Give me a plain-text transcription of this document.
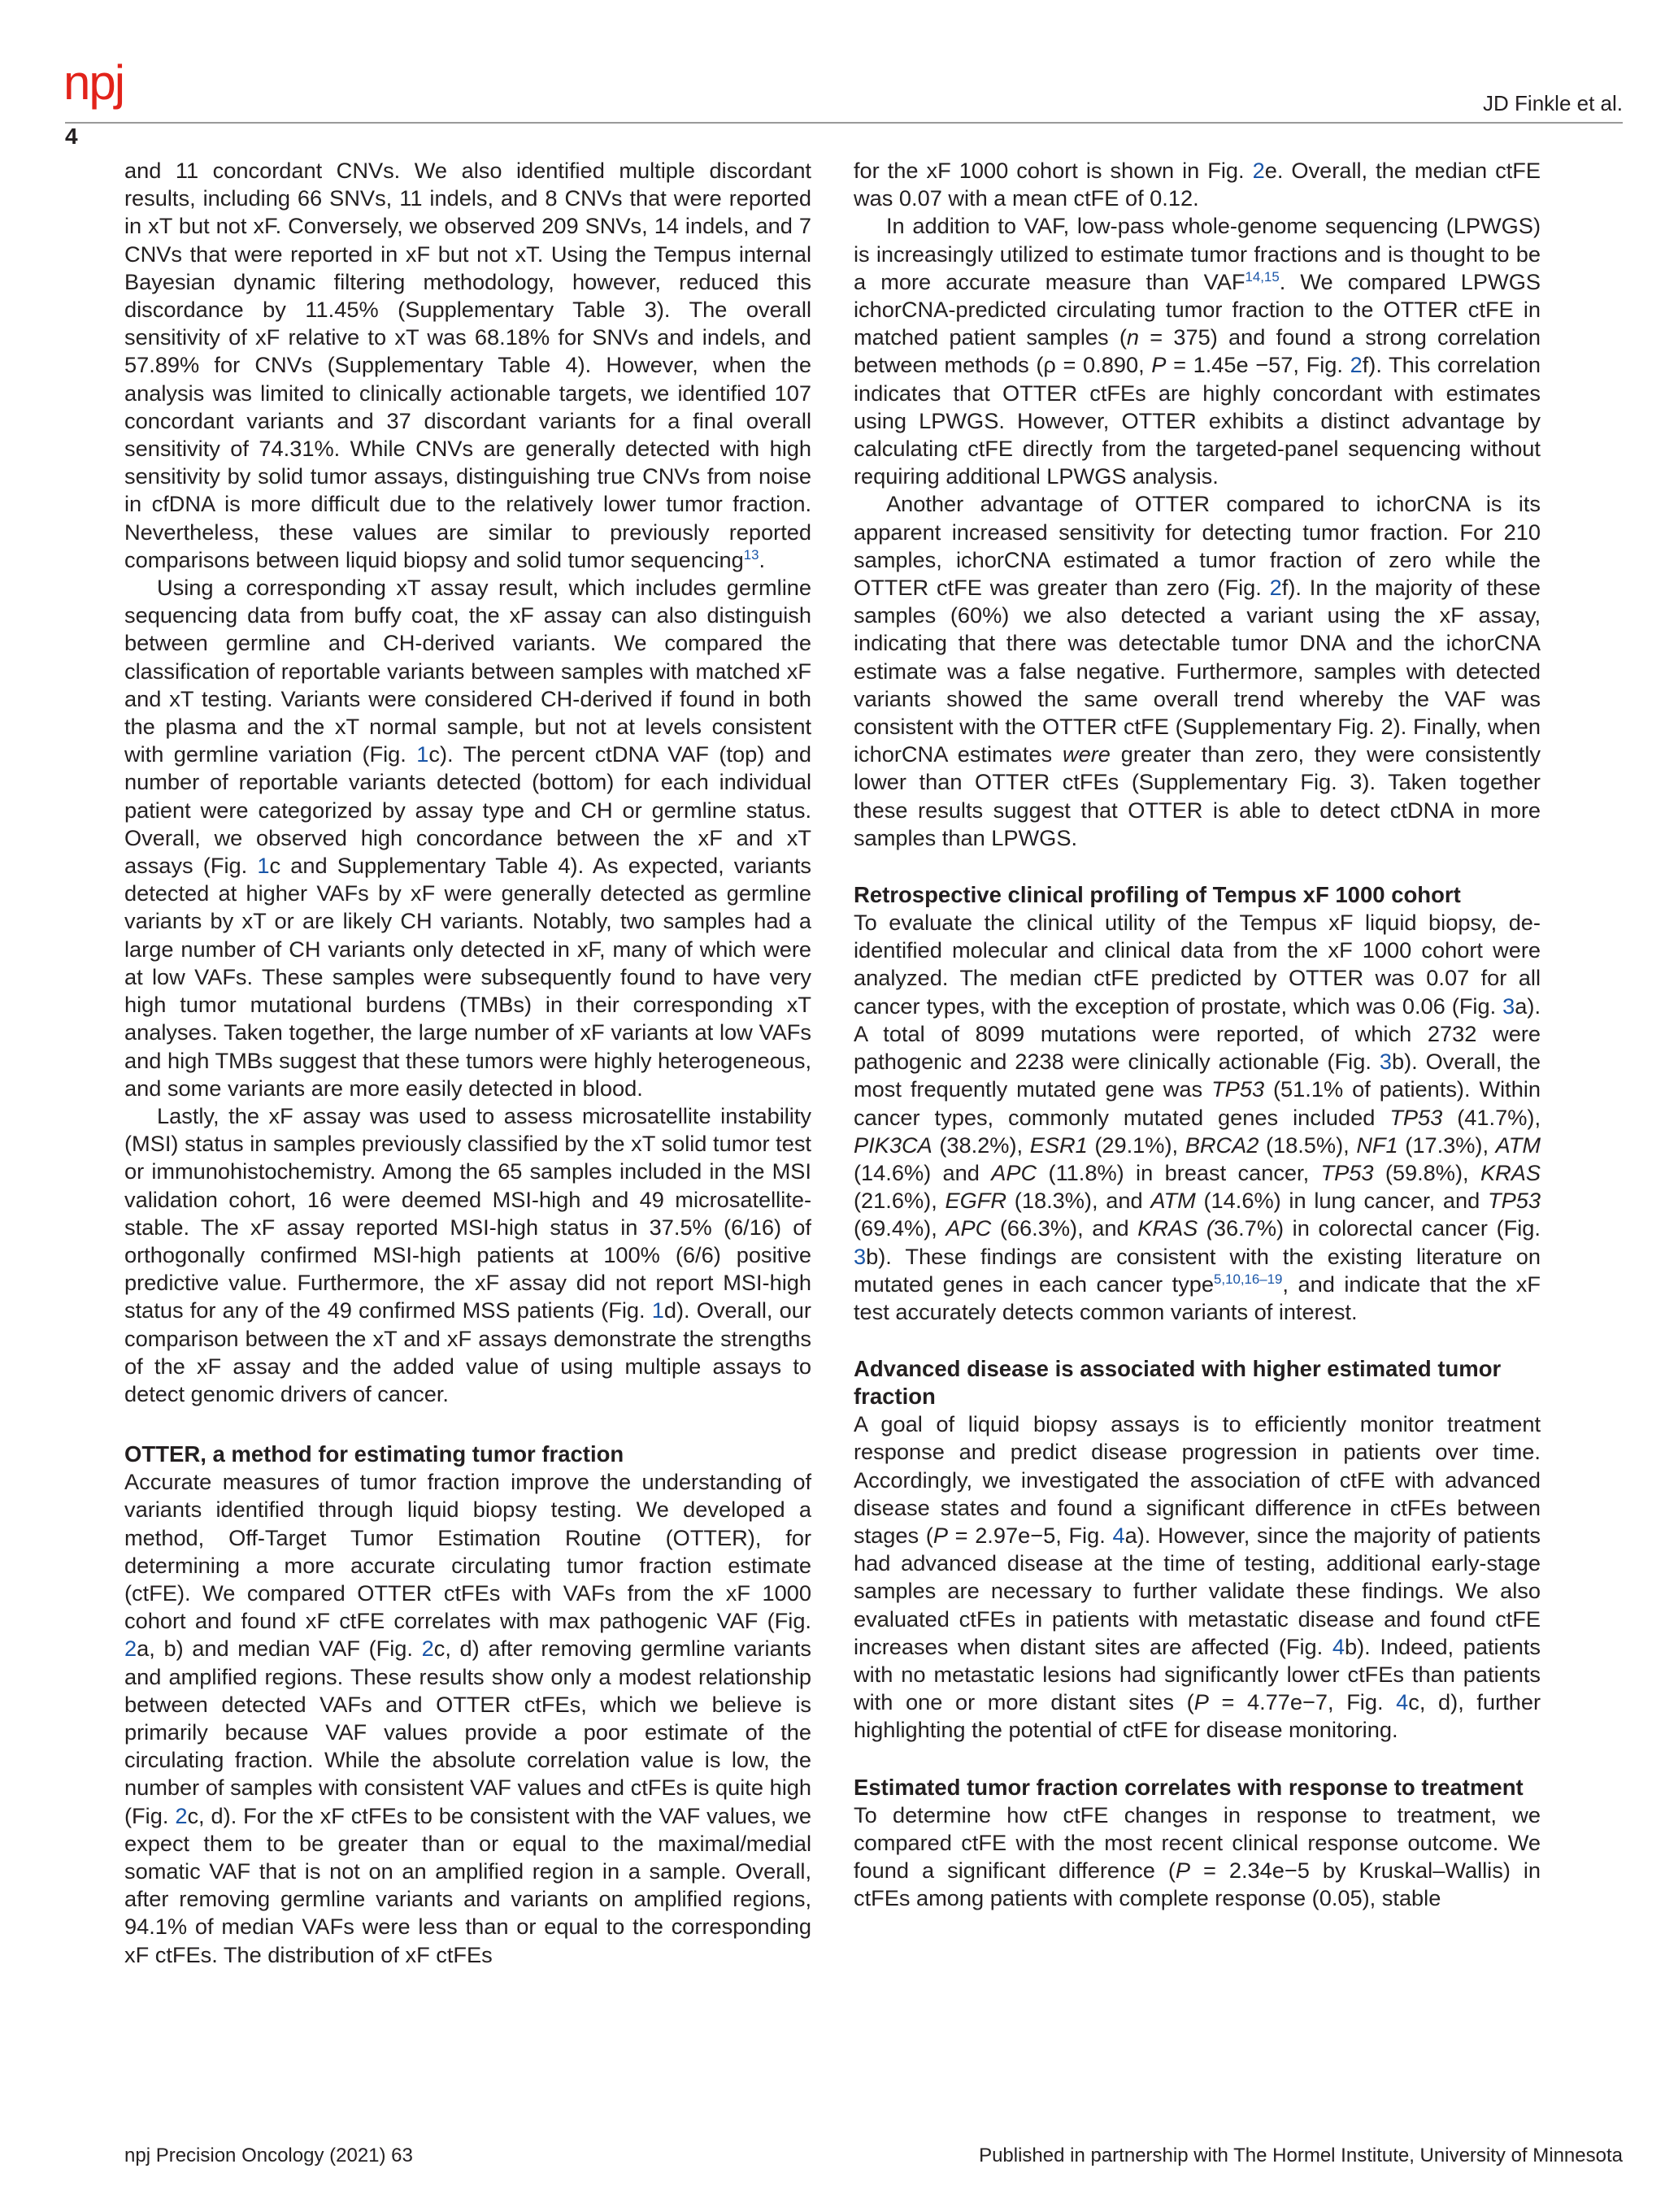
npj
4
JD Finkle et al.

and 11 concordant CNVs. We also identified multiple discordant results, including 66 SNVs, 11 indels, and 8 CNVs that were reported in xT but not xF. Conversely, we observed 209 SNVs, 14 indels, and 7 CNVs that were reported in xF but not xT. Using the Tempus internal Bayesian dynamic filtering methodology, however, reduced this discordance by 11.45% (Supplementary Table 3). The overall sensitivity of xF relative to xT was 68.18% for SNVs and indels, and 57.89% for CNVs (Supplementary Table 4). However, when the analysis was limited to clinically actionable targets, we identified 107 concordant variants and 37 discordant variants for a final overall sensitivity of 74.31%. While CNVs are generally detected with high sensitivity by solid tumor assays, distinguishing true CNVs from noise in cfDNA is more difficult due to the relatively lower tumor fraction. Nevertheless, these values are similar to previously reported comparisons between liquid biopsy and solid tumor sequencing$^{13}$.

Using a corresponding xT assay result, which includes germline sequencing data from buffy coat, the xF assay can also distinguish between germline and CH-derived variants. We compared the classification of reportable variants between samples with matched xF and xT testing. Variants were considered CH-derived if found in both the plasma and the xT normal sample, but not at levels consistent with germline variation (Fig. 1c). The percent ctDNA VAF (top) and number of reportable variants detected (bottom) for each individual patient were categorized by assay type and CH or germline status. Overall, we observed high concordance between the xF and xT assays (Fig. 1c and Supplementary Table 4). As expected, variants detected at higher VAFs by xF were generally detected as germline variants by xT or are likely CH variants. Notably, two samples had a large number of CH variants only detected in xF, many of which were at low VAFs. These samples were subsequently found to have very high tumor mutational burdens (TMBs) in their corresponding xT analyses. Taken together, the large number of xF variants at low VAFs and high TMBs suggest that these tumors were highly heterogeneous, and some variants are more easily detected in blood.

Lastly, the xF assay was used to assess microsatellite instability (MSI) status in samples previously classified by the xT solid tumor test or immunohistochemistry. Among the 65 samples included in the MSI validation cohort, 16 were deemed MSI-high and 49 microsatellite-stable. The xF assay reported MSI-high status in 37.5% (6/16) of orthogonally confirmed MSI-high patients at 100% (6/6) positive predictive value. Furthermore, the xF assay did not report MSI-high status for any of the 49 confirmed MSS patients (Fig. 1d). Overall, our comparison between the xT and xF assays demonstrate the strengths of the xF assay and the added value of using multiple assays to detect genomic drivers of cancer.

OTTER, a method for estimating tumor fraction

Accurate measures of tumor fraction improve the understanding of variants identified through liquid biopsy testing. We developed a method, Off-Target Tumor Estimation Routine (OTTER), for determining a more accurate circulating tumor fraction estimate (ctFE). We compared OTTER ctFEs with VAFs from the xF 1000 cohort and found xF ctFE correlates with max pathogenic VAF (Fig. 2a, b) and median VAF (Fig. 2c, d) after removing germline variants and amplified regions. These results show only a modest relationship between detected VAFs and OTTER ctFEs, which we believe is primarily because VAF values provide a poor estimate of the circulating fraction. While the absolute correlation value is low, the number of samples with consistent VAF values and ctFEs is quite high (Fig. 2c, d). For the xF ctFEs to be consistent with the VAF values, we expect them to be greater than or equal to the maximal/medial somatic VAF that is not on an amplified region in a sample. Overall, after removing germline variants and variants on amplified regions, 94.1% of median VAFs were less than or equal to the corresponding xF ctFEs. The distribution of xF ctFEs

for the xF 1000 cohort is shown in Fig. 2e. Overall, the median ctFE was 0.07 with a mean ctFE of 0.12.

In addition to VAF, low-pass whole-genome sequencing (LPWGS) is increasingly utilized to estimate tumor fractions and is thought to be a more accurate measure than VAF$^{14,15}$. We compared LPWGS ichorCNA-predicted circulating tumor fraction to the OTTER ctFE in matched patient samples (n = 375) and found a strong correlation between methods (ρ = 0.890, P = 1.45e −57, Fig. 2f). This correlation indicates that OTTER ctFEs are highly concordant with estimates using LPWGS. However, OTTER exhibits a distinct advantage by calculating ctFE directly from the targeted-panel sequencing without requiring additional LPWGS analysis.

Another advantage of OTTER compared to ichorCNA is its apparent increased sensitivity for detecting tumor fraction. For 210 samples, ichorCNA estimated a tumor fraction of zero while the OTTER ctFE was greater than zero (Fig. 2f). In the majority of these samples (60%) we also detected a variant using the xF assay, indicating that there was detectable tumor DNA and the ichorCNA estimate was a false negative. Furthermore, samples with detected variants showed the same overall trend whereby the VAF was consistent with the OTTER ctFE (Supplementary Fig. 2). Finally, when ichorCNA estimates were greater than zero, they were consistently lower than OTTER ctFEs (Supplementary Fig. 3). Taken together these results suggest that OTTER is able to detect ctDNA in more samples than LPWGS.

Retrospective clinical profiling of Tempus xF 1000 cohort

To evaluate the clinical utility of the Tempus xF liquid biopsy, de-identified molecular and clinical data from the xF 1000 cohort were analyzed. The median ctFE predicted by OTTER was 0.07 for all cancer types, with the exception of prostate, which was 0.06 (Fig. 3a). A total of 8099 mutations were reported, of which 2732 were pathogenic and 2238 were clinically actionable (Fig. 3b). Overall, the most frequently mutated gene was TP53 (51.1% of patients). Within cancer types, commonly mutated genes included TP53 (41.7%), PIK3CA (38.2%), ESR1 (29.1%), BRCA2 (18.5%), NF1 (17.3%), ATM (14.6%) and APC (11.8%) in breast cancer, TP53 (59.8%), KRAS (21.6%), EGFR (18.3%), and ATM (14.6%) in lung cancer, and TP53 (69.4%), APC (66.3%), and KRAS (36.7%) in colorectal cancer (Fig. 3b). These findings are consistent with the existing literature on mutated genes in each cancer type$^{5,10,16-19}$, and indicate that the xF test accurately detects common variants of interest.

Advanced disease is associated with higher estimated tumor fraction

A goal of liquid biopsy assays is to efficiently monitor treatment response and predict disease progression in patients over time. Accordingly, we investigated the association of ctFE with advanced disease states and found a significant difference in ctFEs between stages (P = 2.97e−5, Fig. 4a). However, since the majority of patients had advanced disease at the time of testing, additional early-stage samples are necessary to further validate these findings. We also evaluated ctFEs in patients with metastatic disease and found ctFE increases when distant sites are affected (Fig. 4b). Indeed, patients with no metastatic lesions had significantly lower ctFEs than patients with one or more distant sites (P = 4.77e−7, Fig. 4c, d), further highlighting the potential of ctFE for disease monitoring.

Estimated tumor fraction correlates with response to treatment

To determine how ctFE changes in response to treatment, we compared ctFE with the most recent clinical response outcome. We found a significant difference (P = 2.34e−5 by Kruskal–Wallis) in ctFEs among patients with complete response (0.05), stable

npj Precision Oncology (2021) 63	Published in partnership with The Hormel Institute, University of Minnesota
